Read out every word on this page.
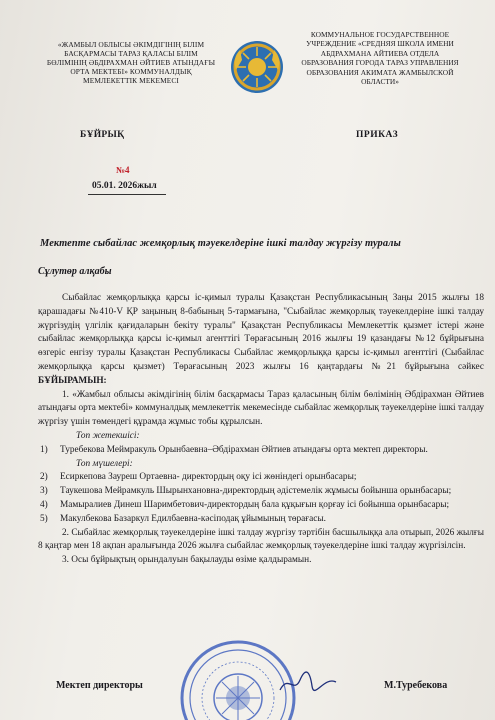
«ЖАМБЫЛ ОБЛЫСЫ ӘКІМДІГІНІҢ БІЛІМ БАСҚАРМАСЫ ТАРАЗ ҚАЛАСЫ БІЛІМ БӨЛІМІНІҢ ӘБДІРАХМАН ӘЙТИЕВ АТЫНДАҒЫ ОРТА МЕКТЕБІ» КОММУНАЛДЫҚ МЕМЛЕКЕТТІК МЕКЕМЕСІ
КОММУНАЛЬНОЕ ГОСУДАРСТВЕННОЕ УЧРЕЖДЕНИЕ «СРЕДНЯЯ ШКОЛА ИМЕНИ АБДРАХМАНА АЙТИЕВА ОТДЕЛА ОБРАЗОВАНИЯ ГОРОДА ТАРАЗ УПРАВЛЕНИЯ ОБРАЗОВАНИЯ АКИМАТА ЖАМБЫЛСКОЙ ОБЛАСТИ»
БҰЙРЫҚ	ПРИКАЗ
№4
05.01. 2026жыл
Мектепте сыбайлас жемқорлық тәуекелдеріне ішкі талдау жүргізу туралы
Сұлутөр алқабы

Сыбайлас жемқорлыққа қарсы іс-қимыл туралы Қазақстан Республикасының Заңы 2015 жылғы 18 қарашадағы №410-V ҚР заңының 8-бабының 5-тармағына, "Сыбайлас жемқорлық тәуекелдеріне ішкі талдау жүргізудің үлгілік қағидаларын бекіту туралы" Қазақстан Республикасы Мемлекеттік қызмет істері және сыбайлас жемқорлыққа қарсы іс-қимыл агенттігі Төрағасының 2016 жылғы 19 қазандағы №12 бұйрығына өзгеріс енгізу туралы Қазақстан Республикасы Сыбайлас жемқорлыққа қарсы іс-қимыл агенттігі (Сыбайлас жемқорлыққа қарсы қызмет) Төрағасының 2023 жылғы 16 қаңтардағы №21 бұйрығына сәйкес БҰЙЫРАМЫН:

1. «Жамбыл облысы әкімдігінің білім басқармасы Тараз қаласының білім бөлімінің Әбдірахман Әйтиев атындағы орта мектебі» коммуналдық мемлекеттік мекемесінде сыбайлас жемқорлық тәуекелдеріне ішкі талдау жүргізу үшін төмендегі құрамда жұмыс тобы құрылсын.

Топ жетекшісі:

1)	Туребекова Меймракуль Орынбаевна–Әбдірахман Әйтиев атындағы орта мектеп директоры.

Топ мүшелері:

2)	Есиркепова Зауреш Ортаевна- директордың оқу ісі жөніндегі орынбасары;
3)	Таукешова Мейрамкуль Шырынхановна-директордың әдістемелік жұмысы бойынша орынбасары;
4)	Мамыралиев Динеш Шаримбетович-директордың бала құқығын қорғау ісі бойынша орынбасары;
5)	Макулбекова Базаркул Едилбаевна-кәсіподақ ұйымының төрағасы.

2. Сыбайлас жемқорлық тәуекелдеріне ішкі талдау жүргізу тәртібін басшылыққа ала отырып, 2026 жылғы 8 қаңтар мен 18 ақпан аралығында 2026 жылға сыбайлас жемқорлық тәуекелдеріне ішкі талдау жүргізілсін.

3. Осы бұйрықтың орындалуын бақылауды өзіме қалдырамын.

Мектеп директоры	М.Туребекова
